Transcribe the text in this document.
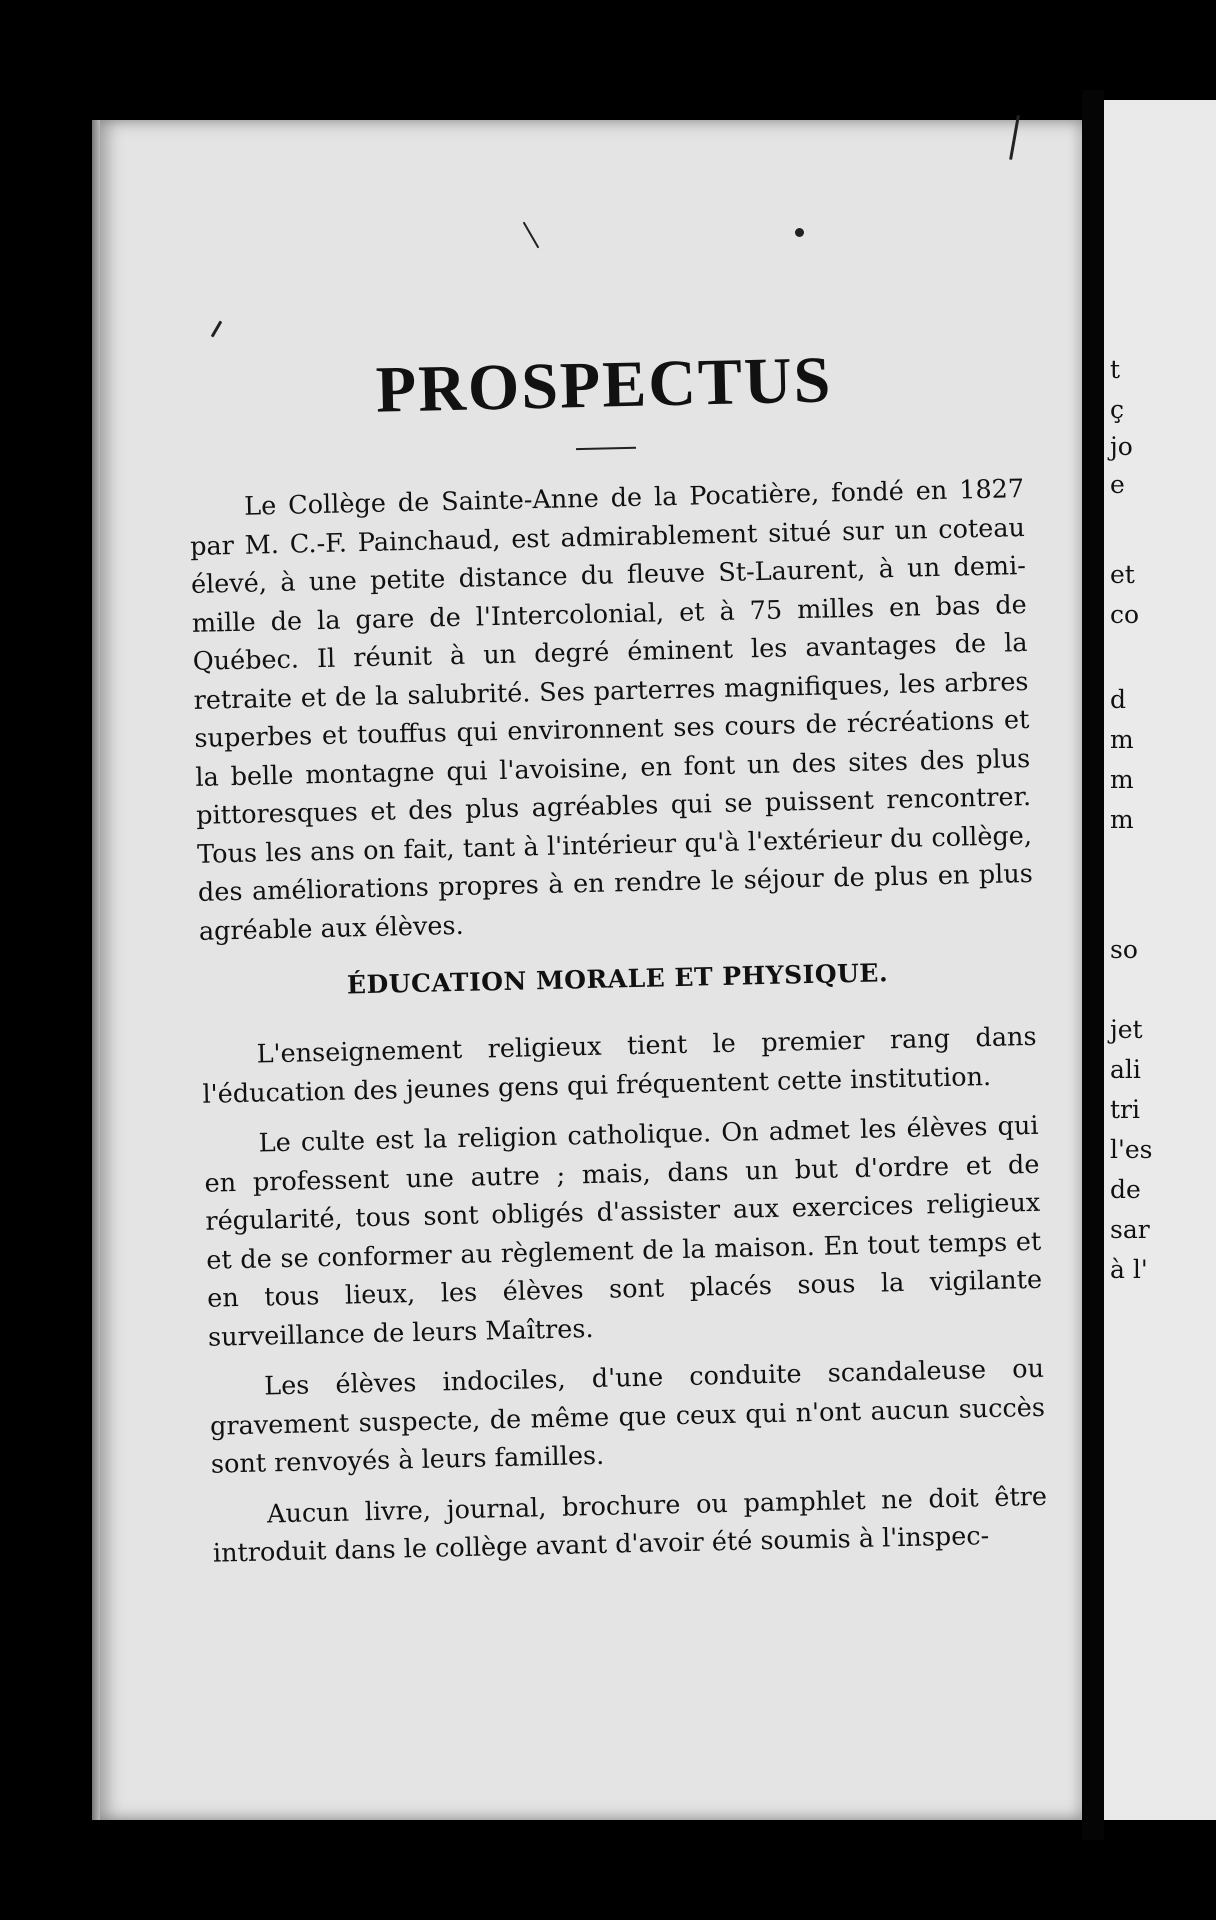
t
ç
jo
e
et
co
d
m
m
m
so
jet
ali
tri
l'es
de
sar
à l'
PROSPECTUS

Le Collège de Sainte-Anne de la Pocatière, fondé en 1827 par M. C.-F. Painchaud, est admirablement situé sur un coteau élevé, à une petite distance du fleuve St-Laurent, à un demi-mille de la gare de l'Intercolonial, et à 75 milles en bas de Québec. Il réunit à un degré éminent les avantages de la retraite et de la salubrité. Ses parterres magnifiques, les arbres superbes et touffus qui environnent ses cours de récréations et la belle montagne qui l'avoisine, en font un des sites des plus pittoresques et des plus agréables qui se puissent rencontrer. Tous les ans on fait, tant à l'intérieur qu'à l'extérieur du collège, des améliorations propres à en rendre le séjour de plus en plus agréable aux élèves.

ÉDUCATION MORALE ET PHYSIQUE.

L'enseignement religieux tient le premier rang dans l'éducation des jeunes gens qui fréquentent cette institution.

Le culte est la religion catholique. On admet les élèves qui en professent une autre ; mais, dans un but d'ordre et de régularité, tous sont obligés d'assister aux exercices religieux et de se conformer au règlement de la maison. En tout temps et en tous lieux, les élèves sont placés sous la vigilante surveillance de leurs Maîtres.

Les élèves indociles, d'une conduite scandaleuse ou gravement suspecte, de même que ceux qui n'ont aucun succès sont renvoyés à leurs familles.

Aucun livre, journal, brochure ou pamphlet ne doit être introduit dans le collège avant d'avoir été soumis à l'inspec-
